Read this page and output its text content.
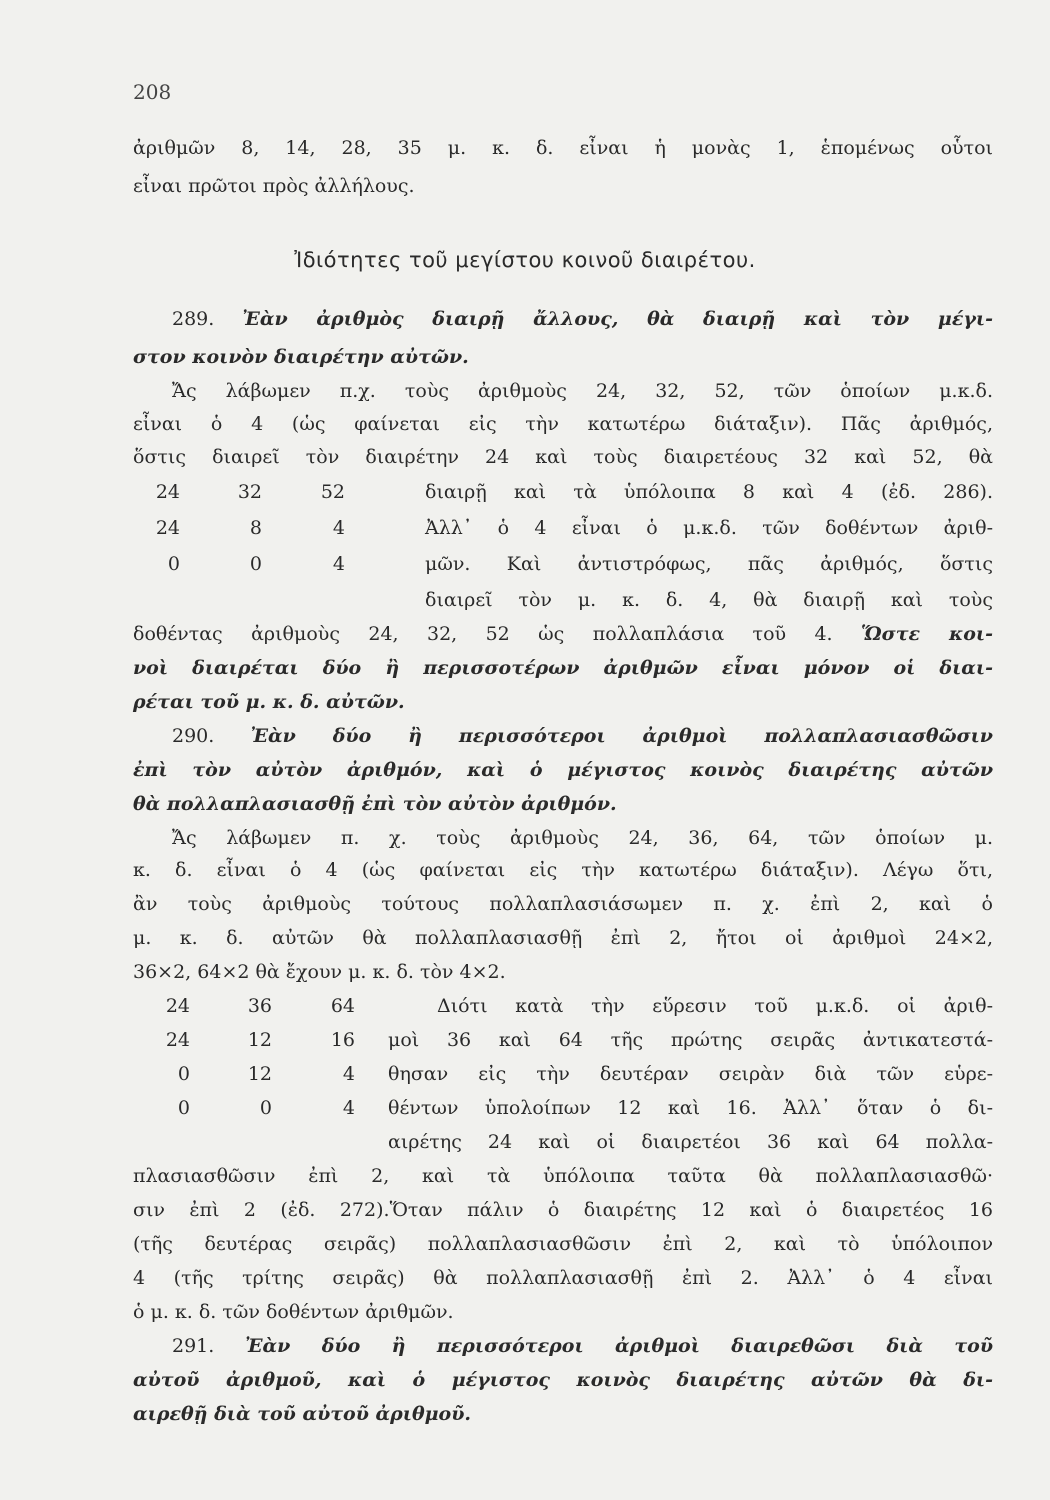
208
ἀριθμῶν 8, 14, 28, 35 μ. κ. δ. εἶναι ἡ μονὰς 1, ἑπομένως οὗτοι
εἶναι πρῶτοι πρὸς ἀλλήλους.
Ἰδιότητες τοῦ μεγίστου κοινοῦ διαιρέτου.
289. Ἐὰν ἀριθμὸς διαιρῇ ἄλλους, θὰ διαιρῇ καὶ τὸν μέγι-
στον κοινὸν διαιρέτην αὐτῶν.
Ἄς λάβωμεν π.χ. τοὺς ἀριθμοὺς 24, 32, 52, τῶν ὁποίων μ.κ.δ.
εἶναι ὁ 4 (ὡς φαίνεται εἰς τὴν κατωτέρω διάταξιν). Πᾶς ἀριθμός,
ὅστις διαιρεῖ τὸν διαιρέτην 24 καὶ τοὺς διαιρετέους 32 καὶ 52, θὰ
24	32	52
24	8	4
0	0	4
διαιρῇ καὶ τὰ ὑπόλοιπα 8 καὶ 4 (ἐδ. 286).
Ἀλλ᾽ ὁ 4 εἶναι ὁ μ.κ.δ. τῶν δοθέντων ἀριθ-
μῶν. Καὶ ἀντιστρόφως, πᾶς ἀριθμός, ὅστις
διαιρεῖ τὸν μ. κ. δ. 4, θὰ διαιρῇ καὶ τοὺς
δοθέντας ἀριθμοὺς 24, 32, 52 ὡς πολλαπλάσια τοῦ 4. Ὥστε κοι-
νοὶ διαιρέται δύο ἢ περισσοτέρων ἀριθμῶν εἶναι μόνον οἱ διαι-
ρέται τοῦ μ. κ. δ. αὐτῶν.
290. Ἐὰν δύο ἢ περισσότεροι ἀριθμοὶ πολλαπλασιασθῶσιν
ἐπὶ τὸν αὐτὸν ἀριθμόν, καὶ ὁ μέγιστος κοινὸς διαιρέτης αὐτῶν
θὰ πολλαπλασιασθῇ ἐπὶ τὸν αὐτὸν ἀριθμόν.
Ἄς λάβωμεν π. χ. τοὺς ἀριθμοὺς 24, 36, 64, τῶν ὁποίων μ.
κ. δ. εἶναι ὁ 4 (ὡς φαίνεται εἰς τὴν κατωτέρω διάταξιν). Λέγω ὅτι,
ἂν τοὺς ἀριθμοὺς τούτους πολλαπλασιάσωμεν π. χ. ἐπὶ 2, καὶ ὁ
μ. κ. δ. αὐτῶν θὰ πολλαπλασιασθῇ ἐπὶ 2, ἤτοι οἱ ἀριθμοὶ 24×2,
36×2, 64×2 θὰ ἔχουν μ. κ. δ. τὸν 4×2.
24	36	64
24	12	16
0	12	4
0	0	4
Διότι κατὰ τὴν εὕρεσιν τοῦ μ.κ.δ. οἱ ἀριθ-
μοὶ 36 καὶ 64 τῆς πρώτης σειρᾶς ἀντικατεστά-
θησαν εἰς τὴν δευτέραν σειρὰν διὰ τῶν εὑρε-
θέντων ὑπολοίπων 12 καὶ 16. Ἀλλ᾽ ὅταν ὁ δι-
αιρέτης 24 καὶ οἱ διαιρετέοι 36 καὶ 64 πολλα-
πλασιασθῶσιν ἐπὶ 2, καὶ τὰ ὑπόλοιπα ταῦτα θὰ πολλαπλασιασθῶ·
σιν ἐπὶ 2 (ἐδ. 272).Ὅταν πάλιν ὁ διαιρέτης 12 καὶ ὁ διαιρετέος 16
(τῆς δευτέρας σειρᾶς) πολλαπλασιασθῶσιν ἐπὶ 2, καὶ τὸ ὑπόλοιπον
4 (τῆς τρίτης σειρᾶς) θὰ πολλαπλασιασθῇ ἐπὶ 2. Ἀλλ᾽ ὁ 4 εἶναι
ὁ μ. κ. δ. τῶν δοθέντων ἀριθμῶν.
291. Ἐὰν δύο ἢ περισσότεροι ἀριθμοὶ διαιρεθῶσι διὰ τοῦ
αὐτοῦ ἀριθμοῦ, καὶ ὁ μέγιστος κοινὸς διαιρέτης αὐτῶν θὰ δι-
αιρεθῇ διὰ τοῦ αὐτοῦ ἀριθμοῦ.
